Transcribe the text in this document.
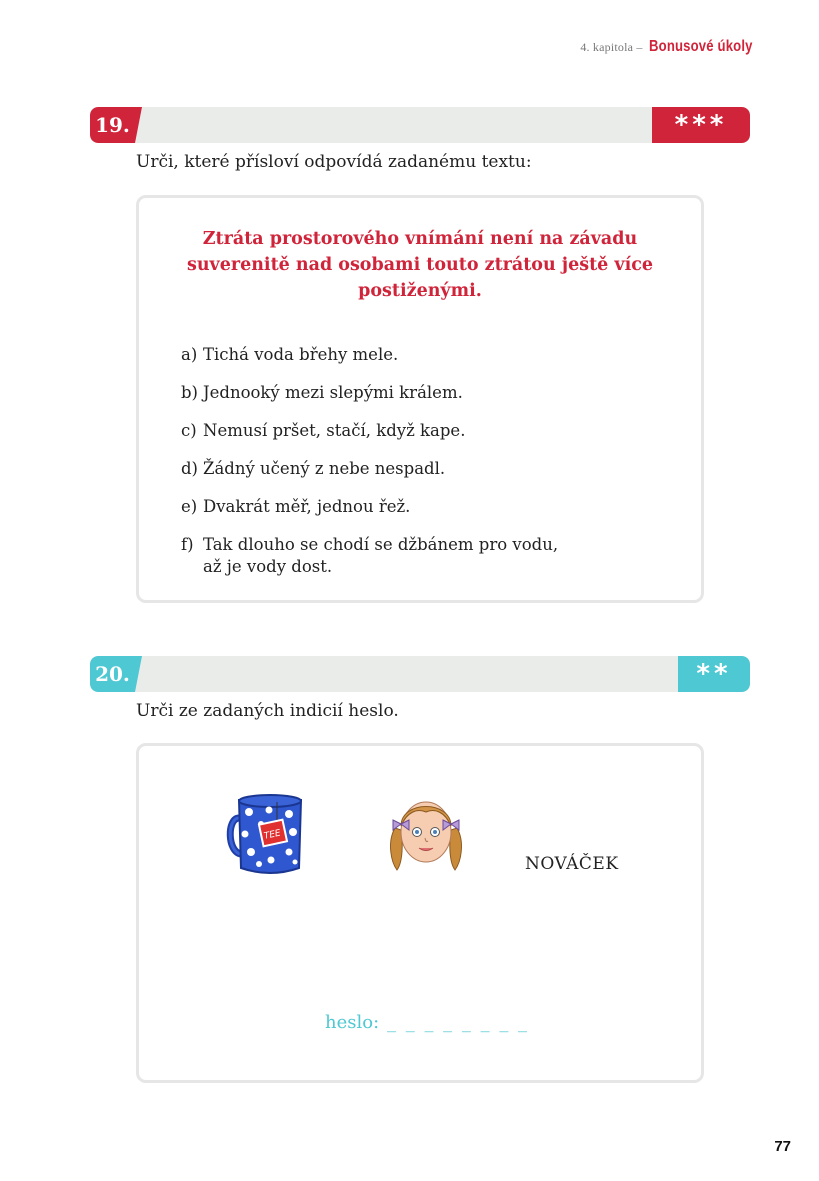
4. kapitola – Bonusové úkoly
19.	***
Urči, které přísloví odpovídá zadanému textu:
Ztráta prostorového vnímání není na závadu suverenitě nad osobami touto ztrátou ještě více postiženými.
a) Tichá voda břehy mele.
b) Jednooký mezi slepými králem.
c) Nemusí pršet, stačí, když kape.
d) Žádný učený z nebe nespadl.
e) Dvakrát měř, jednou řež.
f) Tak dlouho se chodí se džbánem pro vodu,
až je vody dost.
20.	**
Urči ze zadaných indicií heslo.
TEE
NOVÁČEK
heslo: _ _ _ _ _ _ _ _
77
